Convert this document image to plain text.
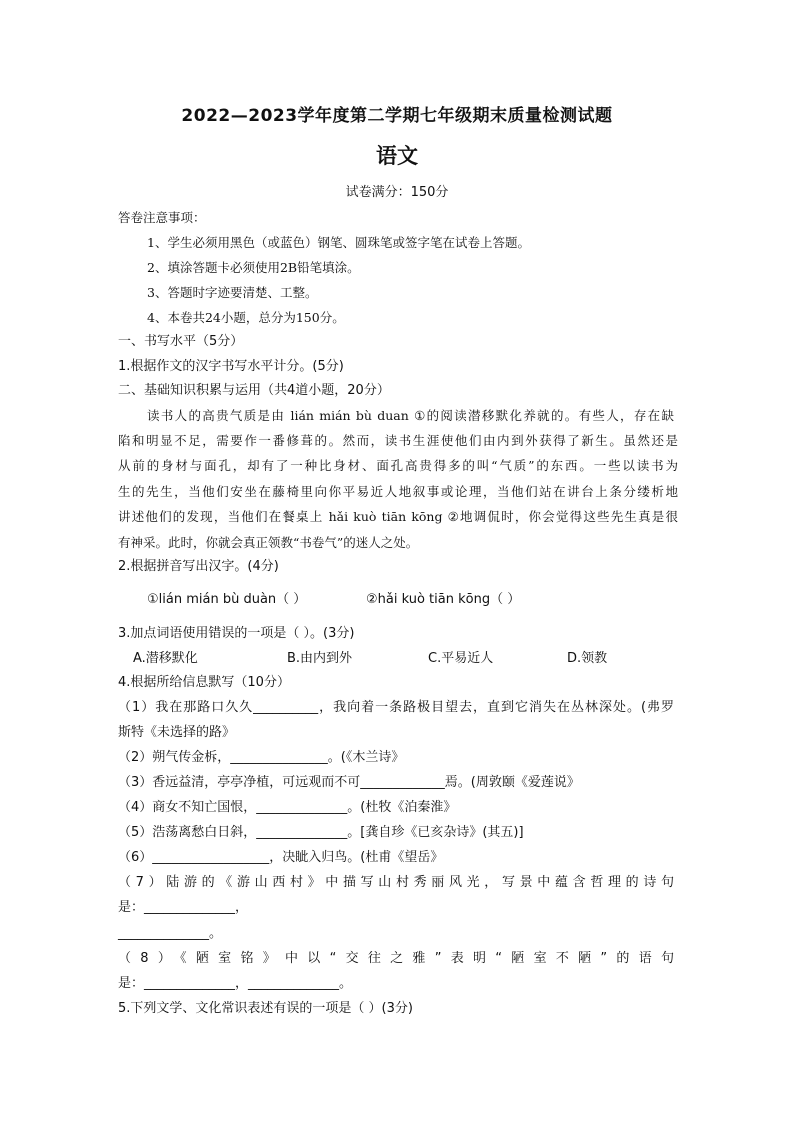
2022—2023学年度第二学期七年级期末质量检测试题
语文
试卷满分：150分
答卷注意事项：
1、学生必须用黑色（或蓝色）钢笔、圆珠笔或签字笔在试卷上答题。
2、填涂答题卡必须使用2B铅笔填涂。
3、答题时字迹要清楚、工整。
4、本卷共24小题，总分为150分。
一、书写水平（5分）
1.根据作文的汉字书写水平计分。(5分)
二、基础知识积累与运用（共4道小题，20分）
读书人的高贵气质是由 lián mián bù duan ①的阅读潜移默化养就的。有些人，存在缺
陷和明显不足，需要作一番修葺的。然而，读书生涯使他们由内到外获得了新生。虽然还是
从前的身材与面孔，却有了一种比身材、面孔高贵得多的叫“气质”的东西。一些以读书为
生的先生，当他们安坐在藤椅里向你平易近人地叙事或论理，当他们站在讲台上条分缕析地
讲述他们的发现，当他们在餐桌上 hǎi kuò tiān kōng ②地调侃时，你会觉得这些先生真是很
有神采。此时，你就会真正领教“书卷气”的迷人之处。
2.根据拼音写出汉字。(4分)
①lián mián bù duàn（ ）	②hǎi kuò tiān kōng（ ）
3.加点词语使用错误的一项是（ ）。(3分)
A.潜移默化	B.由内到外	C.平易近人	D.领教
4.根据所给信息默写（10分）
（1）我在那路口久久__________，我向着一条路极目望去，直到它消失在丛林深处。(弗罗
斯特《未选择的路》
（2）朔气传金柝，_______________。(《木兰诗》
（3）香远益清，亭亭净植，可远观而不可_____________焉。(周敦颐《爱莲说》
（4）商女不知亡国恨，______________。(杜牧《泊秦淮》
（5）浩荡离愁白日斜，______________。[龚自珍《已亥杂诗》(其五)]
（6）__________________，决眦入归鸟。(杜甫《望岳》
（7）陆游的《游山西村》中描写山村秀丽风光，写景中蕴含哲理的诗句
是：______________，
______________。
（8）《陋室铭》中以“交往之雅”表明“陋室不陋”的语句
是：______________，______________。
5.下列文学、文化常识表述有误的一项是（ ）(3分)
